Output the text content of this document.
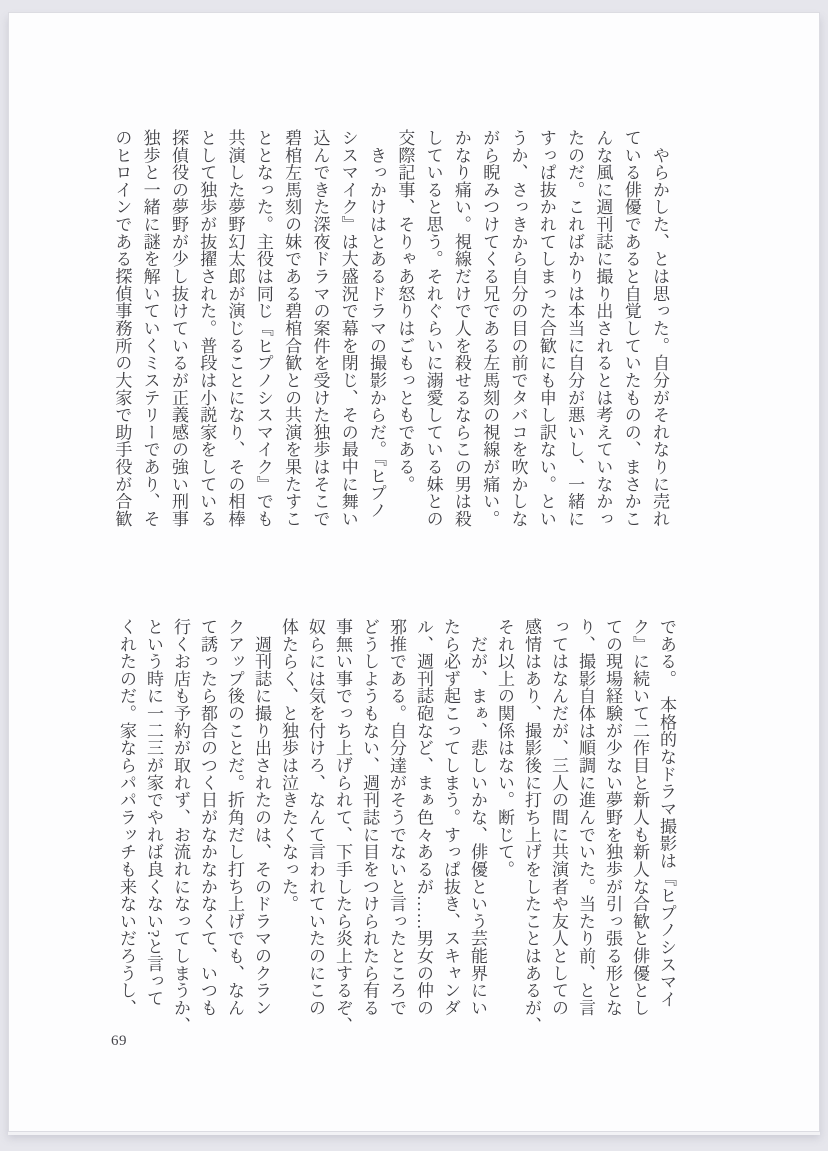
　やらかした、とは思った。自分がそれなりに売れ

ている俳優であると自覚していたものの、まさかこ

んな風に週刊誌に撮り出されるとは考えていなかっ

たのだ。こればかりは本当に自分が悪いし、一緒に

すっぱ抜かれてしまった合歓にも申し訳ない。とい

うか、さっきから自分の目の前でタバコを吹かしな

がら睨みつけてくる兄である左馬刻の視線が痛い。

かなり痛い。視線だけで人を殺せるならこの男は殺

していると思う。それぐらいに溺愛している妹との

交際記事、そりゃあ怒りはごもっともである。

　きっかけはとあるドラマの撮影からだ。『ヒプノ

シスマイク』は大盛況で幕を閉じ、その最中に舞い

込んできた深夜ドラマの案件を受けた独歩はそこで

碧棺左馬刻の妹である碧棺合歓との共演を果たすこ

ととなった。主役は同じ『ヒプノシスマイク』でも

共演した夢野幻太郎が演じることになり、その相棒

として独歩が抜擢された。普段は小説家をしている

探偵役の夢野が少し抜けているが正義感の強い刑事

独歩と一緒に謎を解いていくミステリーであり、そ

のヒロインである探偵事務所の大家で助手役が合歓

である。　本格的なドラマ撮影は『ヒプノシスマイ

ク』に続いて二作目と新人も新人な合歓と俳優とし

ての現場経験が少ない夢野を独歩が引っ張る形とな

り、撮影自体は順調に進んでいた。当たり前、と言

ってはなんだが、三人の間に共演者や友人としての

感情はあり、撮影後に打ち上げをしたことはあるが、

それ以上の関係はない。断じて。

　だが、まぁ、悲しいかな、俳優という芸能界にい

たら必ず起こってしまう。すっぱ抜き、スキャンダ

ル、週刊誌砲など、まぁ色々あるが……男女の仲の

邪推である。自分達がそうでないと言ったところで

どうしようもない、週刊誌に目をつけられたら有る

事無い事でっち上げられて、下手したら炎上するぞ、

奴らには気を付けろ、なんて言われていたのにこの

体たらく、と独歩は泣きたくなった。

　週刊誌に撮り出されたのは、そのドラマのクラン

クアップ後のことだ。折角だし打ち上げでも、なん

て誘ったら都合のつく日がなかなかなくて、いつも

行くお店も予約が取れず、お流れになってしまうか、

という時に一二三が家でやれば良くない?と言って

くれたのだ。家ならパパラッチも来ないだろうし、

69
